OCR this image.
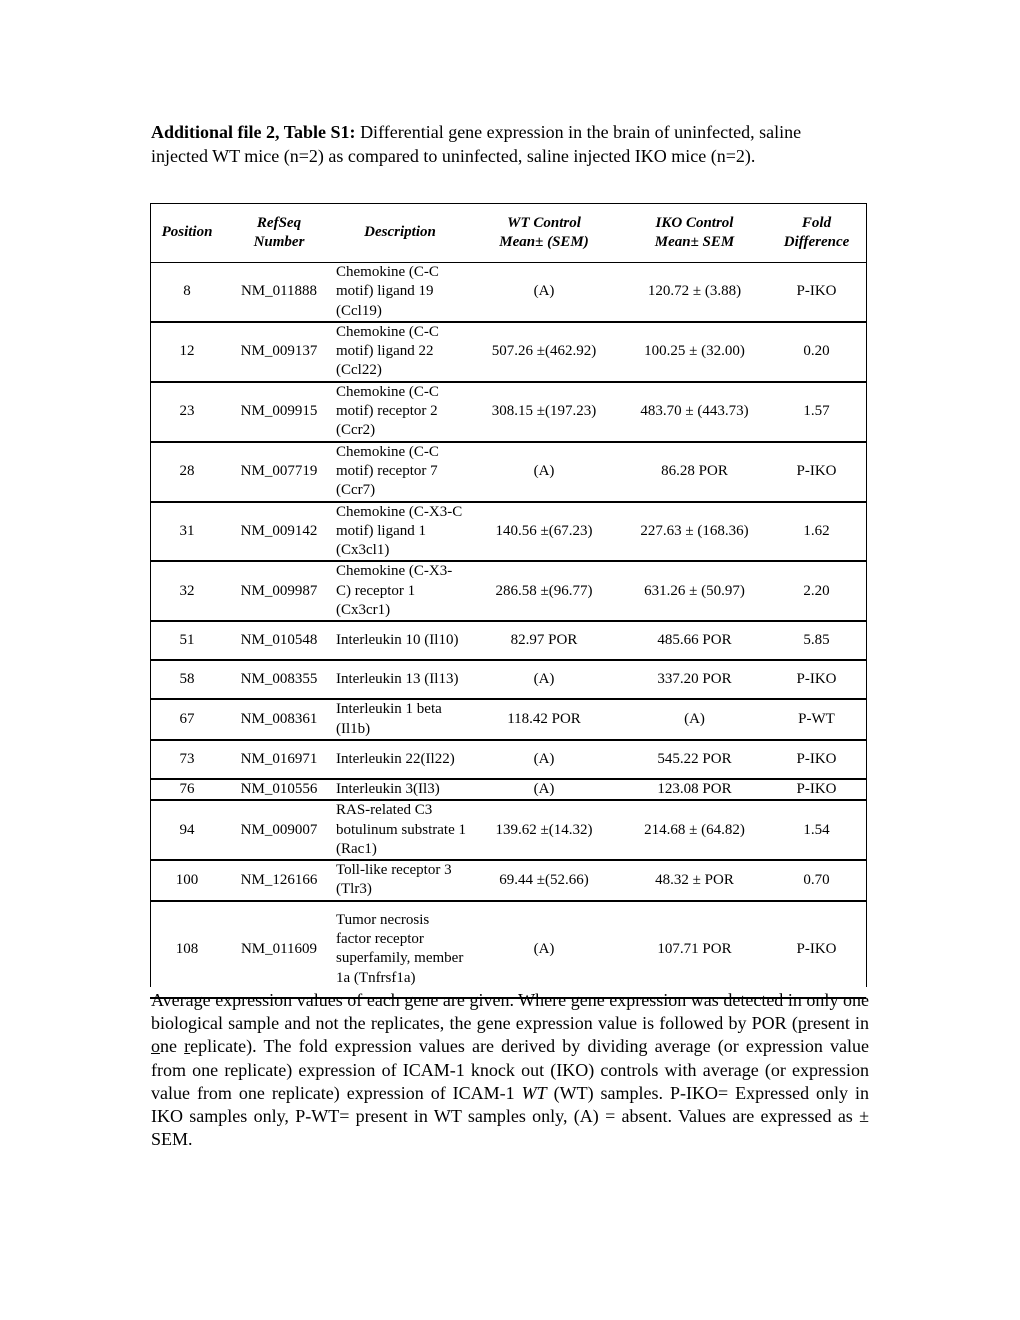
Additional file 2, Table S1: Differential gene expression in the brain of uninfected, saline injected WT mice (n=2) as compared to uninfected, saline injected IKO mice (n=2).
Position	RefSeq Number	Description	WT Control Mean± (SEM)	IKO Control Mean± SEM	Fold Difference
8	NM_011888	Chemokine (C-C motif) ligand 19 (Ccl19)	(A)	120.72 ± (3.88)	P-IKO
12	NM_009137	Chemokine (C-C motif) ligand 22 (Ccl22)	507.26 ±(462.92)	100.25 ± (32.00)	0.20
23	NM_009915	Chemokine (C-C motif) receptor 2 (Ccr2)	308.15 ±(197.23)	483.70 ± (443.73)	1.57
28	NM_007719	Chemokine (C-C motif) receptor 7 (Ccr7)	(A)	86.28 POR	P-IKO
31	NM_009142	Chemokine (C-X3-C motif) ligand 1 (Cx3cl1)	140.56 ±(67.23)	227.63 ± (168.36)	1.62
32	NM_009987	Chemokine (C-X3-C) receptor 1 (Cx3cr1)	286.58 ±(96.77)	631.26 ± (50.97)	2.20
51	NM_010548	Interleukin 10 (Il10)	82.97 POR	485.66 POR	5.85
58	NM_008355	Interleukin 13 (Il13)	(A)	337.20 POR	P-IKO
67	NM_008361	Interleukin 1 beta (Il1b)	118.42 POR	(A)	P-WT
73	NM_016971	Interleukin 22(Il22)	(A)	545.22 POR	P-IKO
76	NM_010556	Interleukin 3(Il3)	(A)	123.08 POR	P-IKO
94	NM_009007	RAS-related C3 botulinum substrate 1 (Rac1)	139.62 ±(14.32)	214.68 ± (64.82)	1.54
100	NM_126166	Toll-like receptor 3 (Tlr3)	69.44 ±(52.66)	48.32 ± POR	0.70
108	NM_011609	Tumor necrosis factor receptor superfamily, member 1a (Tnfrsf1a)	(A)	107.71 POR	P-IKO
Average expression values of each gene are given. Where gene expression was detected in only one biological sample and not the replicates, the gene expression value is followed by POR (present in one replicate). The fold expression values are derived by dividing average (or expression value from one replicate) expression of ICAM-1 knock out (IKO) controls with average (or expression value from one replicate) expression of ICAM-1 WT (WT) samples. P-IKO= Expressed only in IKO samples only, P-WT= present in WT samples only, (A) = absent. Values are expressed as ± SEM.
